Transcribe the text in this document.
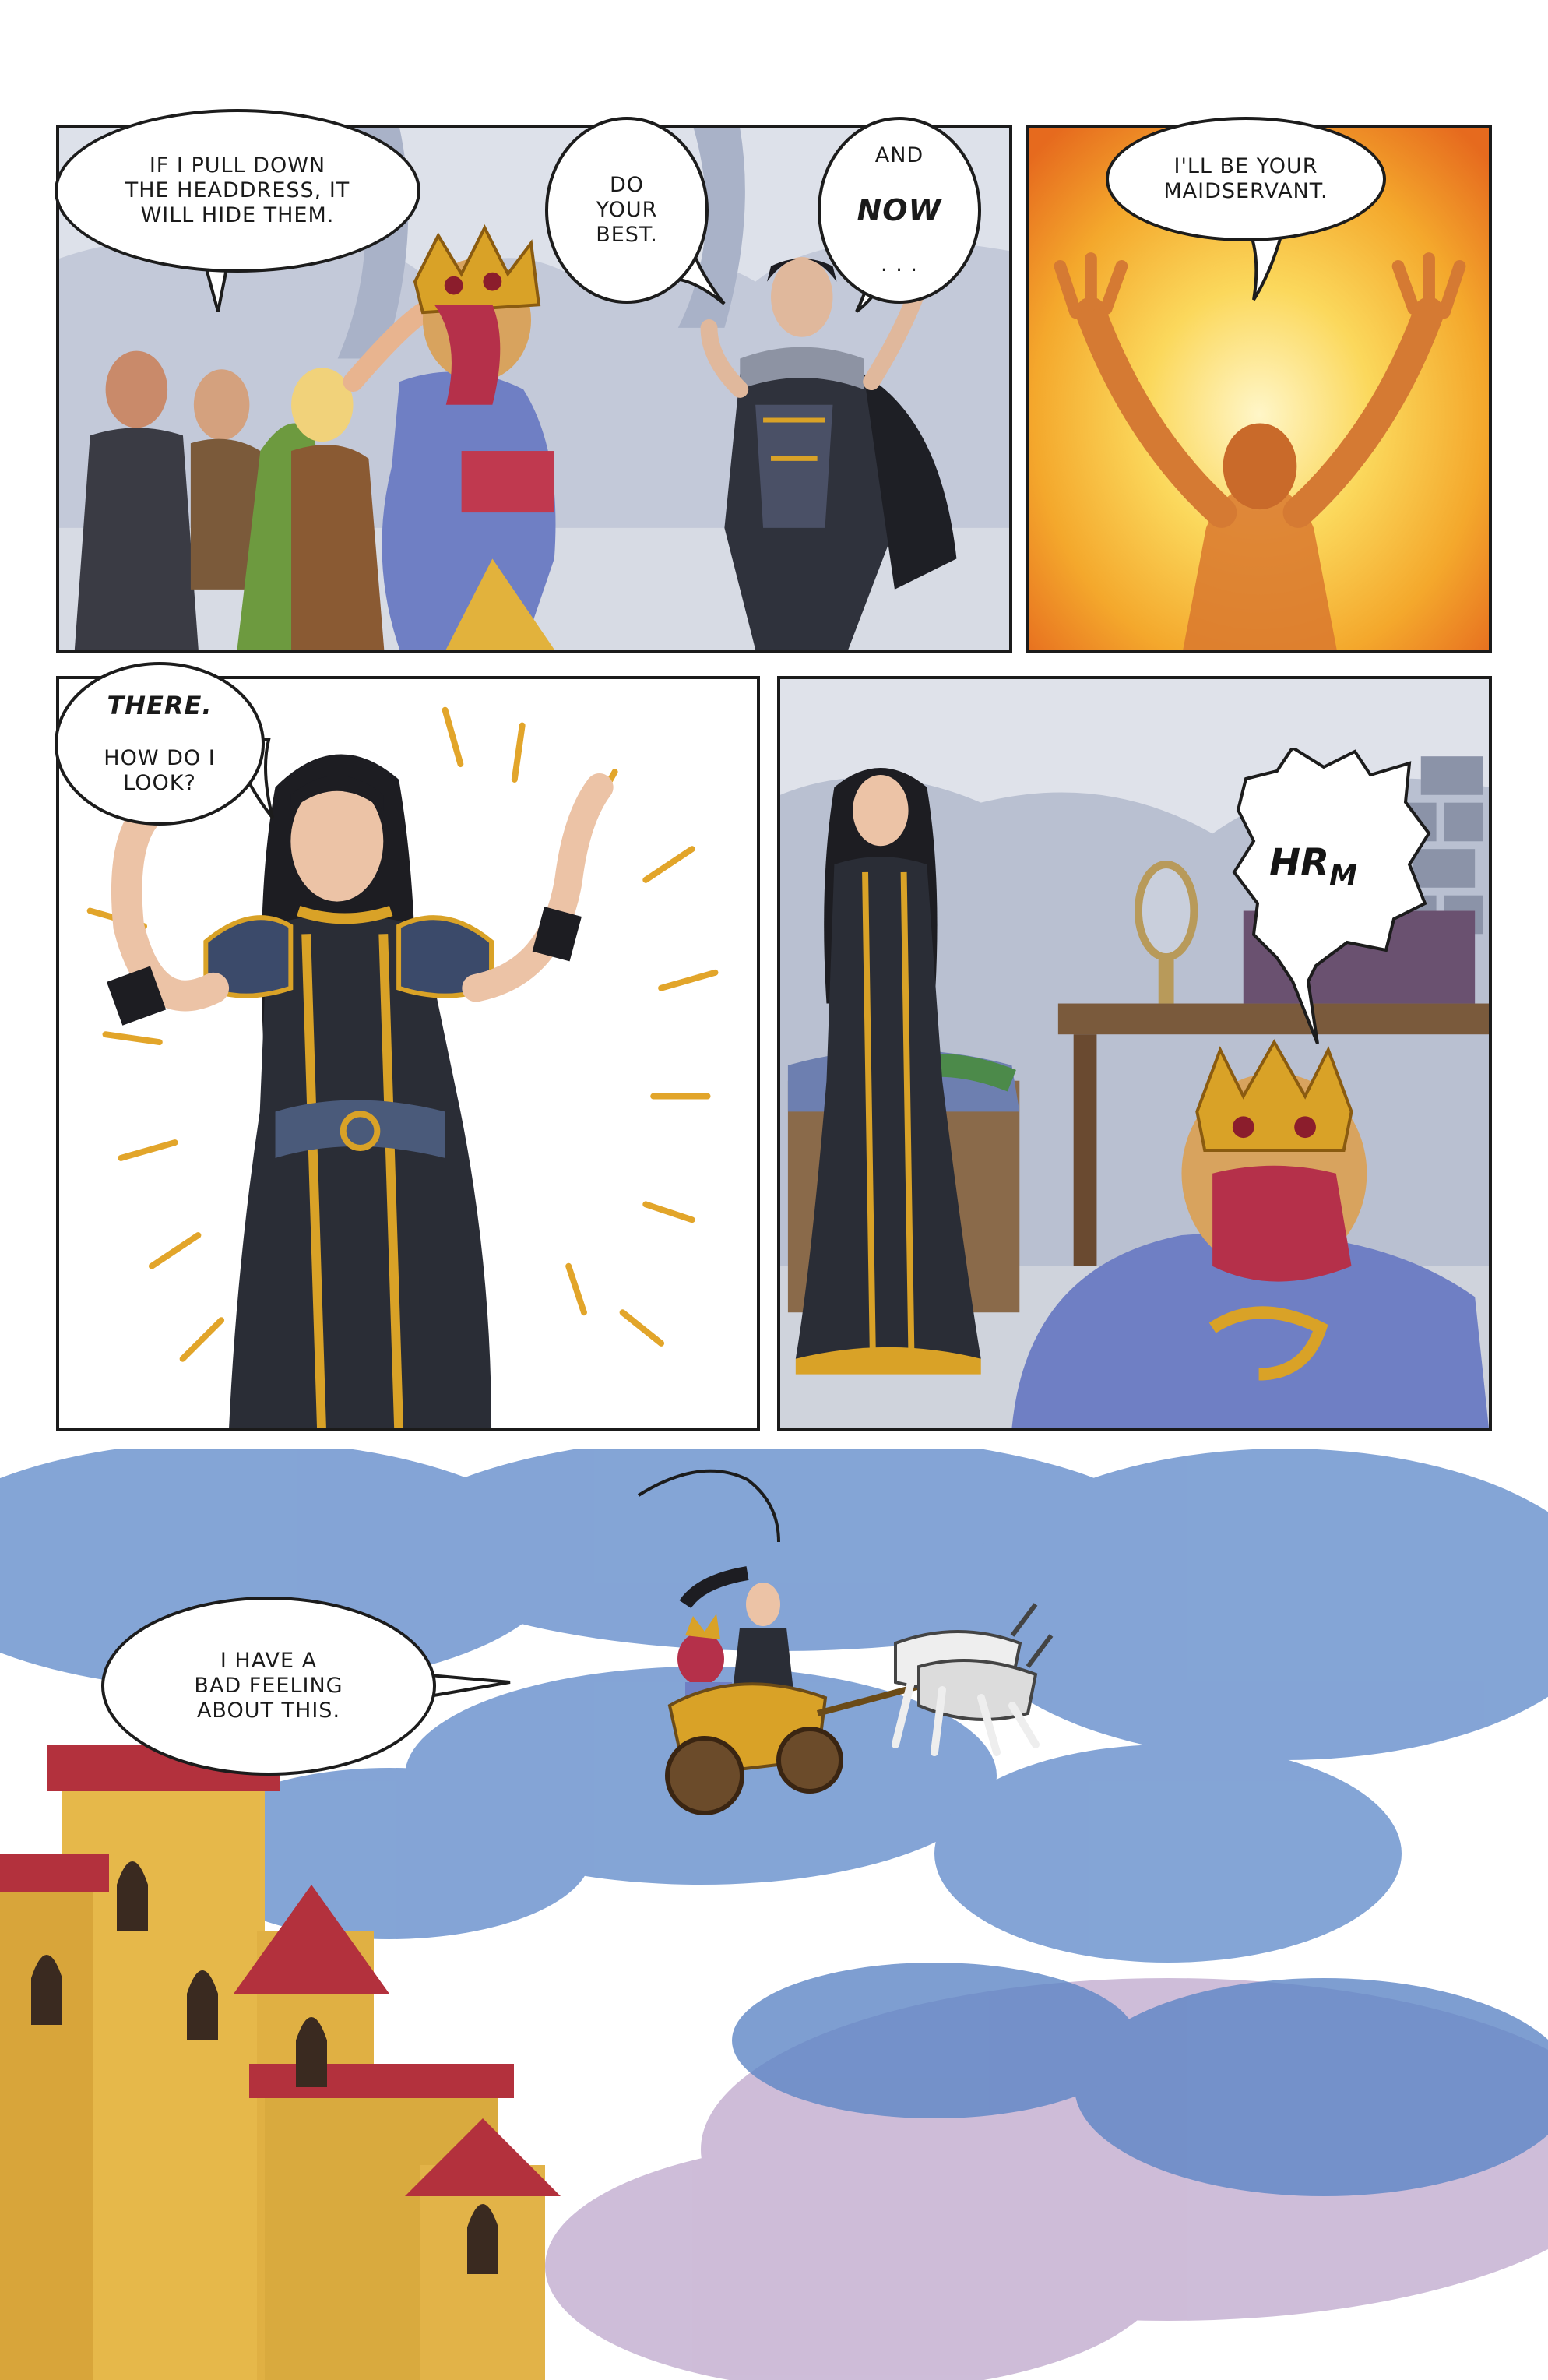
IF I PULL DOWN
THE HEADDRESS, IT
WILL HIDE THEM.
DO
YOUR
BEST.

AND

NOW

. . .

I'LL BE YOUR
MAIDSERVANT.

THERE.

HOW DO I
LOOK?

HRM
I HAVE A
BAD FEELING
ABOUT THIS.
